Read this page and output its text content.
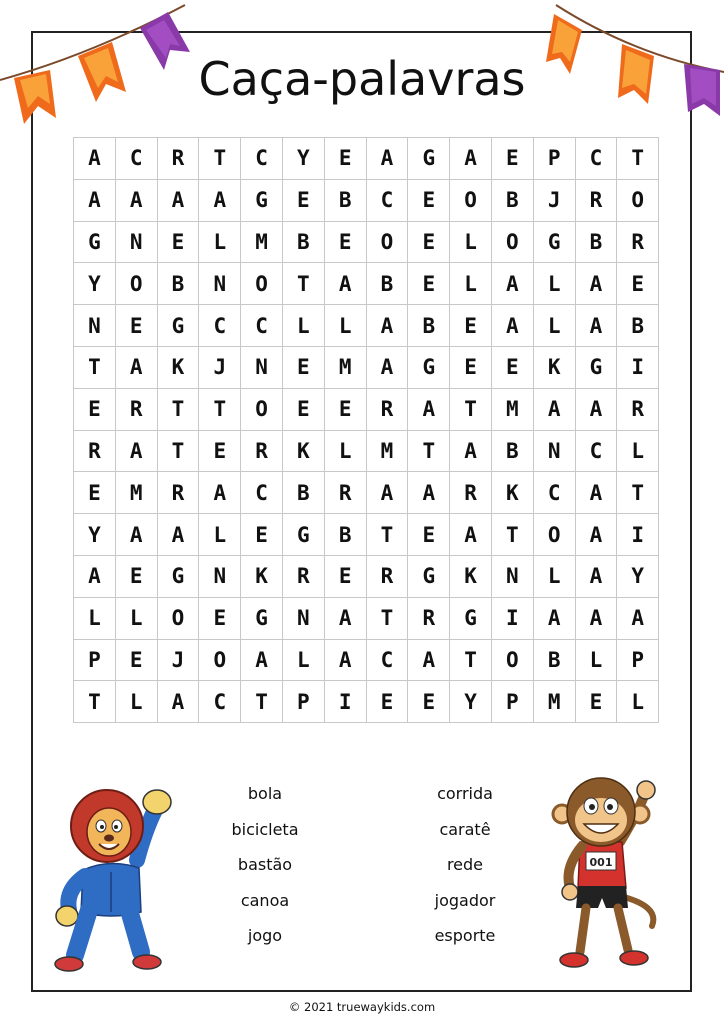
Caça-palavras
A	C	R	T	C	Y	E	A	G	A	E	P	C	T
A	A	A	A	G	E	B	C	E	O	B	J	R	O
G	N	E	L	M	B	E	O	E	L	O	G	B	R
Y	O	B	N	O	T	A	B	E	L	A	L	A	E
N	E	G	C	C	L	L	A	B	E	A	L	A	B
T	A	K	J	N	E	M	A	G	E	E	K	G	I
E	R	T	T	O	E	E	R	A	T	M	A	A	R
R	A	T	E	R	K	L	M	T	A	B	N	C	L
E	M	R	A	C	B	R	A	A	R	K	C	A	T
Y	A	A	L	E	G	B	T	E	A	T	O	A	I
A	E	G	N	K	R	E	R	G	K	N	L	A	Y
L	L	O	E	G	N	A	T	R	G	I	A	A	A
P	E	J	O	A	L	A	C	A	T	O	B	L	P
T	L	A	C	T	P	I	E	E	Y	P	M	E	L
bola
bicicleta
bastão
canoa
jogo
corrida
caratê
rede
jogador
esporte
001
© 2021 truewaykids.com
